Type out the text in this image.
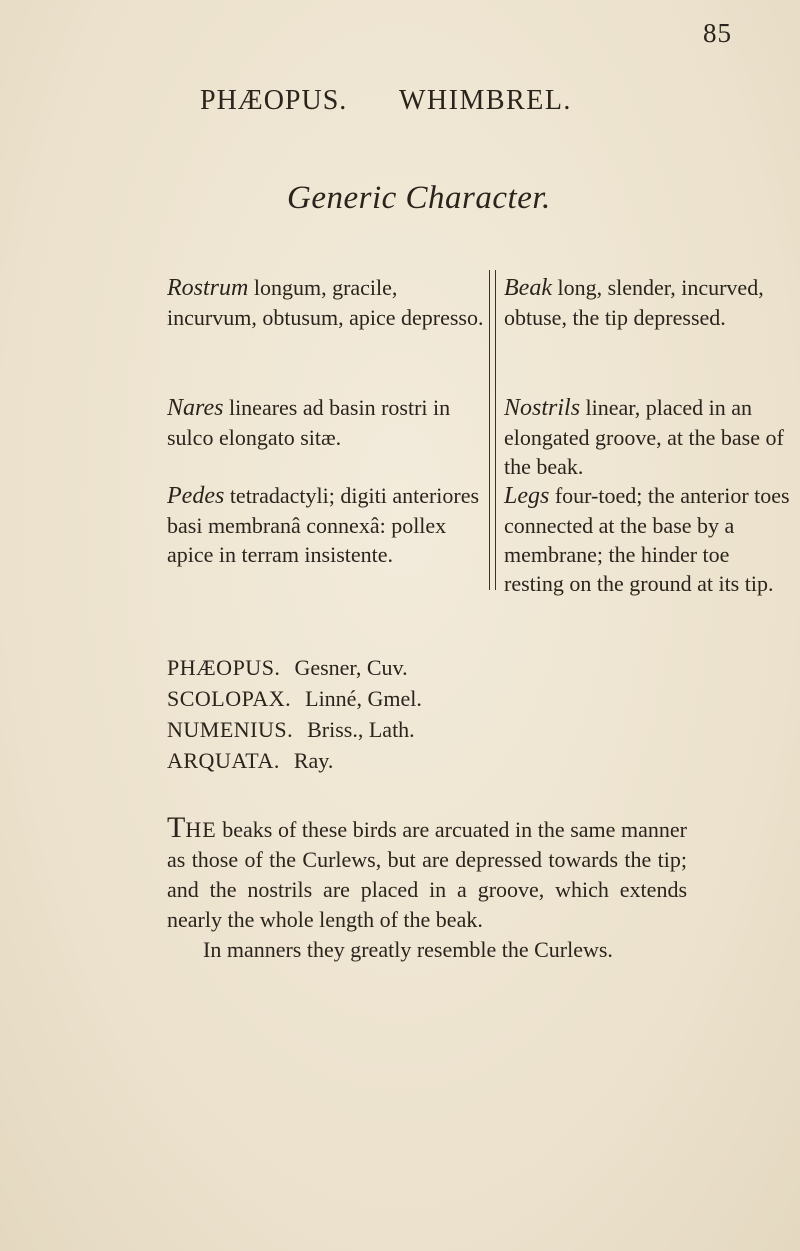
85
PHÆOPUS. WHIMBREL.
Generic Character.

Rostrum longum, gracile, incurvum, obtusum, apice depresso.

Nares lineares ad basin rostri in sulco elongato sitæ.

Pedes tetradactyli; digiti anteriores basi membranâ connexâ: pollex apice in terram insistente.

Beak long, slender, incurved, obtuse, the tip depressed.

Nostrils linear, placed in an elongated groove, at the base of the beak.

Legs four-toed; the anterior toes connected at the base by a membrane; the hinder toe resting on the ground at its tip.

PHÆOPUS. Gesner, Cuv.
SCOLOPAX. Linné, Gmel.
NUMENIUS. Briss., Lath.
ARQUATA. Ray.

THE beaks of these birds are arcuated in the same manner as those of the Curlews, but are depressed towards the tip; and the nostrils are placed in a groove, which extends nearly the whole length of the beak.

In manners they greatly resemble the Curlews.
